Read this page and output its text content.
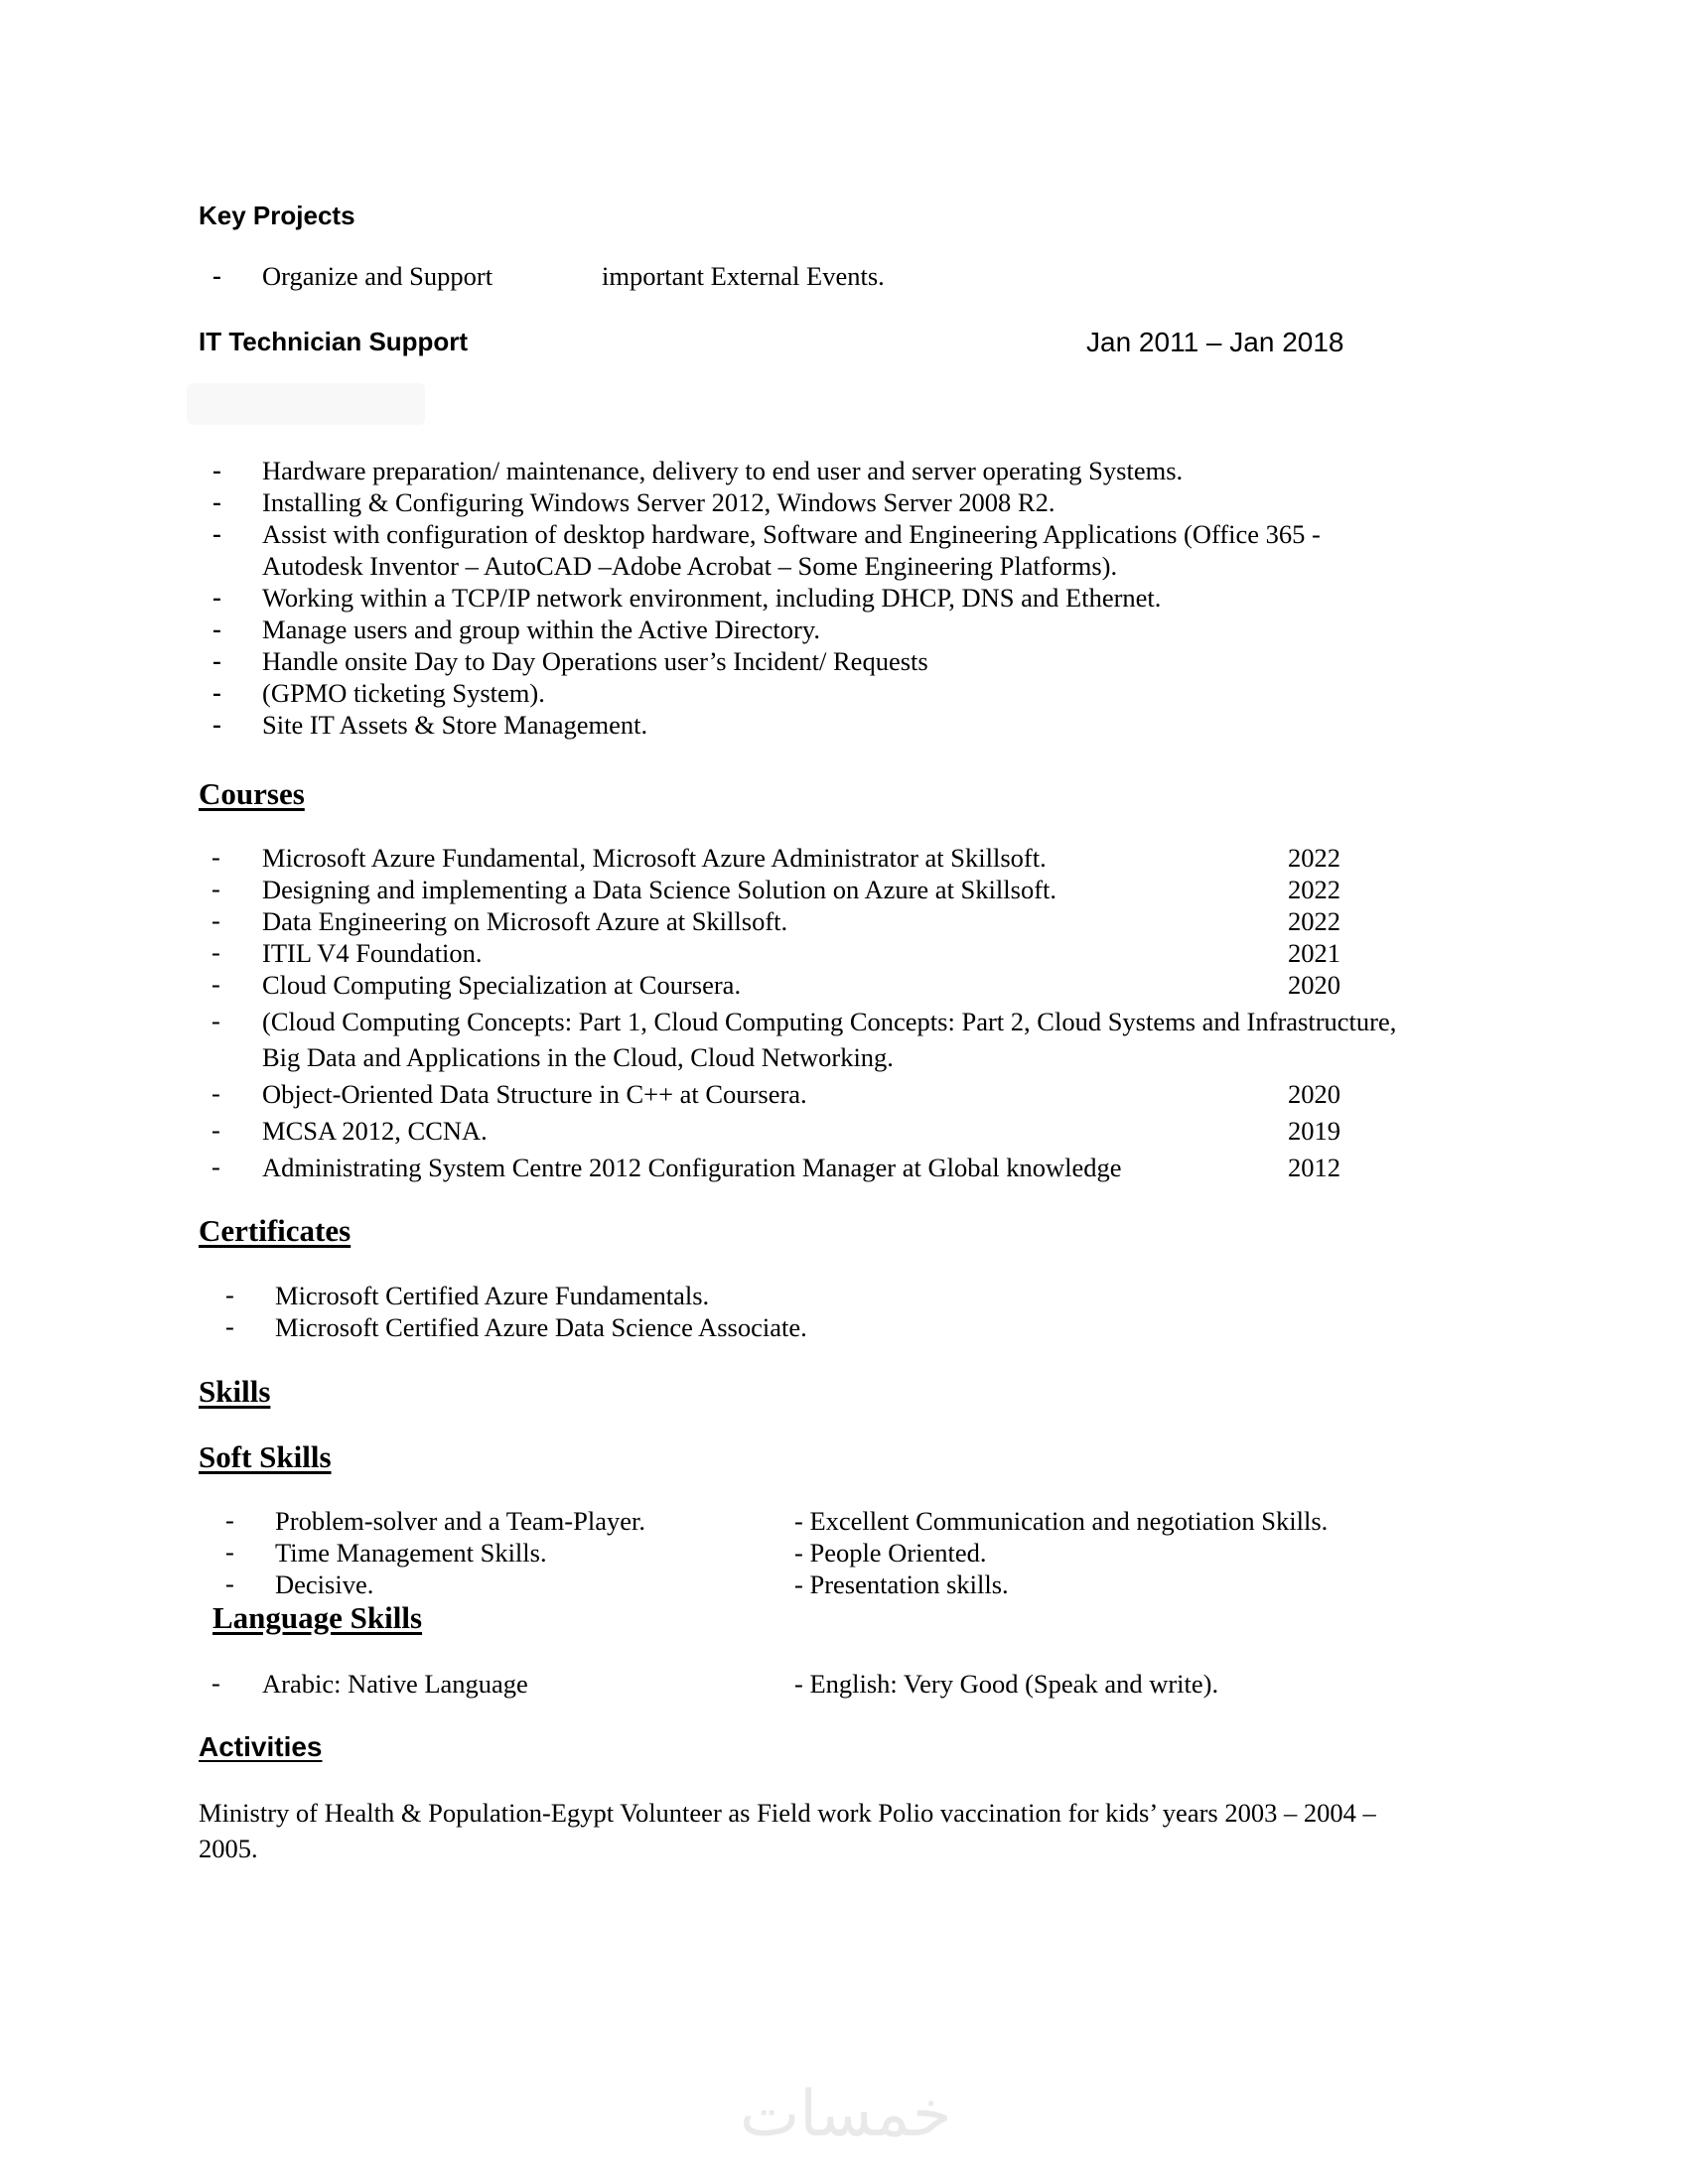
Key Projects
- Organize and Support	important External Events.
IT Technician Support	Jan 2011 – Jan 2018
- Hardware preparation/ maintenance, delivery to end user and server operating Systems.
- Installing & Configuring Windows Server 2012, Windows Server 2008 R2.
- Assist with configuration of desktop hardware, Software and Engineering Applications (Office 365 -
Autodesk Inventor – AutoCAD –Adobe Acrobat – Some Engineering Platforms).
- Working within a TCP/IP network environment, including DHCP, DNS and Ethernet.
- Manage users and group within the Active Directory.
- Handle onsite Day to Day Operations user’s Incident/ Requests
- (GPMO ticketing System).
- Site IT Assets & Store Management.
Courses
- Microsoft Azure Fundamental, Microsoft Azure Administrator at Skillsoft.	2022
- Designing and implementing a Data Science Solution on Azure at Skillsoft.	2022
- Data Engineering on Microsoft Azure at Skillsoft.	2022
- ITIL V4 Foundation.	2021
- Cloud Computing Specialization at Coursera.	2020
- (Cloud Computing Concepts: Part 1, Cloud Computing Concepts: Part 2, Cloud Systems and Infrastructure,
Big Data and Applications in the Cloud, Cloud Networking.
- Object-Oriented Data Structure in C++ at Coursera.	2020
- MCSA 2012, CCNA.	2019
- Administrating System Centre 2012 Configuration Manager at Global knowledge	2012
Certificates
- Microsoft Certified Azure Fundamentals.
- Microsoft Certified Azure Data Science Associate.
Skills
Soft Skills
- Problem-solver and a Team-Player.	- Excellent Communication and negotiation Skills.
- Time Management Skills.	- People Oriented.
- Decisive.	- Presentation skills.
Language Skills
- Arabic: Native Language	- English: Very Good (Speak and write).
Activities
Ministry of Health & Population-Egypt Volunteer as Field work Polio vaccination for kids’ years 2003 – 2004 –
2005.
خمسات
